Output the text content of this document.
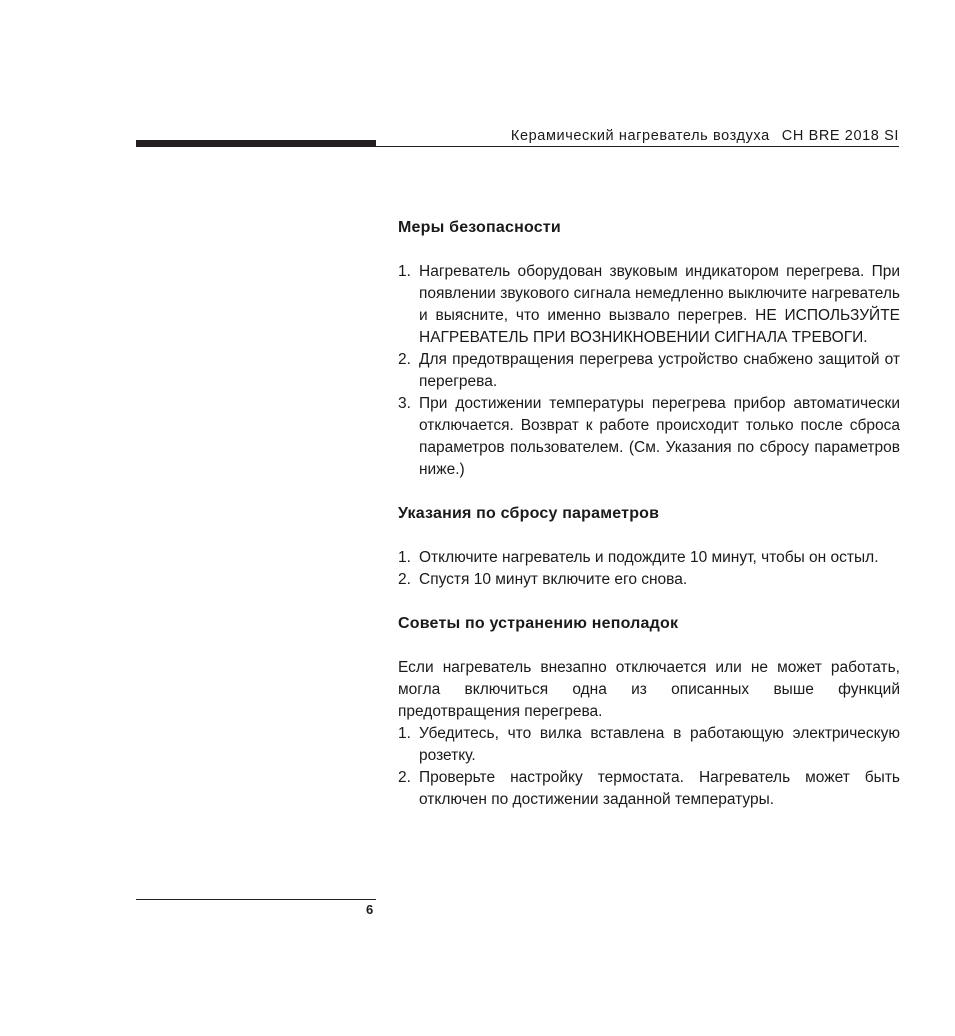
Керамический нагреватель воздуха CH BRE 2018 SI
Меры безопасности
1. Нагреватель оборудован звуковым индикатором перегрева. При появлении звукового сигнала немедленно выключите нагреватель и выясните, что именно вызвало перегрев. НЕ ИСПОЛЬЗУЙТЕ НАГРЕВАТЕЛЬ ПРИ ВОЗНИКНОВЕНИИ СИГНАЛА ТРЕВОГИ.
2. Для предотвращения перегрева устройство снабжено защитой от перегрева.
3. При достижении температуры перегрева прибор автоматически отключается. Возврат к работе происходит только после сброса параметров пользователем. (См. Указания по сбросу параметров ниже.)
Указания по сбросу параметров
1. Отключите нагреватель и подождите 10 минут, чтобы он остыл.
2. Спустя 10 минут включите его снова.
Советы по устранению неполадок

Если нагреватель внезапно отключается или не может работать, могла включиться одна из описанных выше функций предотвращения перегрева.

1. Убедитесь, что вилка вставлена в работающую электрическую розетку.
2. Проверьте настройку термостата. Нагреватель может быть отключен по достижении заданной температуры.
6
